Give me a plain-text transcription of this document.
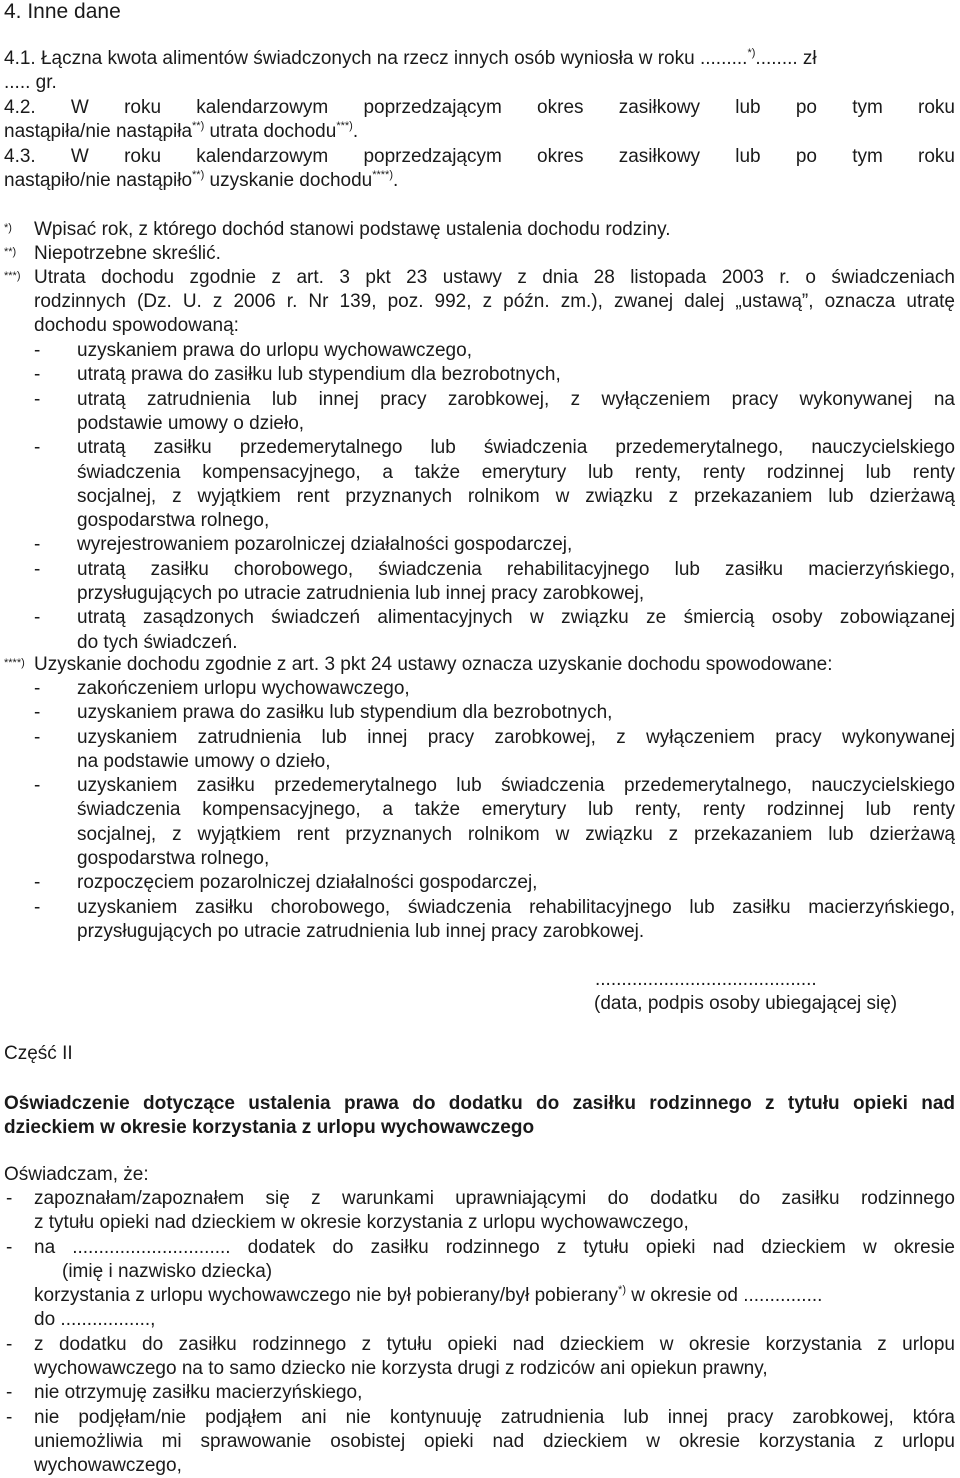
4. Inne dane
4.1. Łączna kwota alimentów świadczonych na rzecz innych osób wyniosła w roku .........*)........ zł
..... gr.
4.2. W roku kalendarzowym poprzedzającym okres zasiłkowy lub po tym roku
nastąpiła/nie nastąpiła**) utrata dochodu***).
4.3. W roku kalendarzowym poprzedzającym okres zasiłkowy lub po tym roku
nastąpiło/nie nastąpiło**) uzyskanie dochodu****).
*) Wpisać rok, z którego dochód stanowi podstawę ustalenia dochodu rodziny.
**) Niepotrzebne skreślić.
***) Utrata dochodu zgodnie z art. 3 pkt 23 ustawy z dnia 28 listopada 2003 r. o świadczeniach
rodzinnych (Dz. U. z 2006 r. Nr 139, poz. 992, z późn. zm.), zwanej dalej „ustawą”, oznacza utratę
dochodu spowodowaną:
- uzyskaniem prawa do urlopu wychowawczego,
- utratą prawa do zasiłku lub stypendium dla bezrobotnych,
- utratą zatrudnienia lub innej pracy zarobkowej, z wyłączeniem pracy wykonywanej na
podstawie umowy o dzieło,
- utratą zasiłku przedemerytalnego lub świadczenia przedemerytalnego, nauczycielskiego
świadczenia kompensacyjnego, a także emerytury lub renty, renty rodzinnej lub renty
socjalnej, z wyjątkiem rent przyznanych rolnikom w związku z przekazaniem lub dzierżawą
gospodarstwa rolnego,
- wyrejestrowaniem pozarolniczej działalności gospodarczej,
- utratą zasiłku chorobowego, świadczenia rehabilitacyjnego lub zasiłku macierzyńskiego,
przysługujących po utracie zatrudnienia lub innej pracy zarobkowej,
- utratą zasądzonych świadczeń alimentacyjnych w związku ze śmiercią osoby zobowiązanej
do tych świadczeń.
****) Uzyskanie dochodu zgodnie z art. 3 pkt 24 ustawy oznacza uzyskanie dochodu spowodowane:
- zakończeniem urlopu wychowawczego,
- uzyskaniem prawa do zasiłku lub stypendium dla bezrobotnych,
- uzyskaniem zatrudnienia lub innej pracy zarobkowej, z wyłączeniem pracy wykonywanej
na podstawie umowy o dzieło,
- uzyskaniem zasiłku przedemerytalnego lub świadczenia przedemerytalnego, nauczycielskiego
świadczenia kompensacyjnego, a także emerytury lub renty, renty rodzinnej lub renty
socjalnej, z wyjątkiem rent przyznanych rolnikom w związku z przekazaniem lub dzierżawą
gospodarstwa rolnego,
- rozpoczęciem pozarolniczej działalności gospodarczej,
- uzyskaniem zasiłku chorobowego, świadczenia rehabilitacyjnego lub zasiłku macierzyńskiego,
przysługujących po utracie zatrudnienia lub innej pracy zarobkowej.
..........................................
(data, podpis osoby ubiegającej się)
Część II
Oświadczenie dotyczące ustalenia prawa do dodatku do zasiłku rodzinnego z tytułu opieki nad
dzieckiem w okresie korzystania z urlopu wychowawczego
Oświadczam, że:
- zapoznałam/zapoznałem się z warunkami uprawniającymi do dodatku do zasiłku rodzinnego
z tytułu opieki nad dzieckiem w okresie korzystania z urlopu wychowawczego,
- na .............................. dodatek do zasiłku rodzinnego z tytułu opieki nad dzieckiem w okresie
(imię i nazwisko dziecka)
korzystania z urlopu wychowawczego nie był pobierany/był pobierany*) w okresie od ...............
do .................,
- z dodatku do zasiłku rodzinnego z tytułu opieki nad dzieckiem w okresie korzystania z urlopu
wychowawczego na to samo dziecko nie korzysta drugi z rodziców ani opiekun prawny,
- nie otrzymuję zasiłku macierzyńskiego,
- nie podjęłam/nie podjąłem ani nie kontynuuję zatrudnienia lub innej pracy zarobkowej, która
uniemożliwia mi sprawowanie osobistej opieki nad dzieckiem w okresie korzystania z urlopu
wychowawczego,
